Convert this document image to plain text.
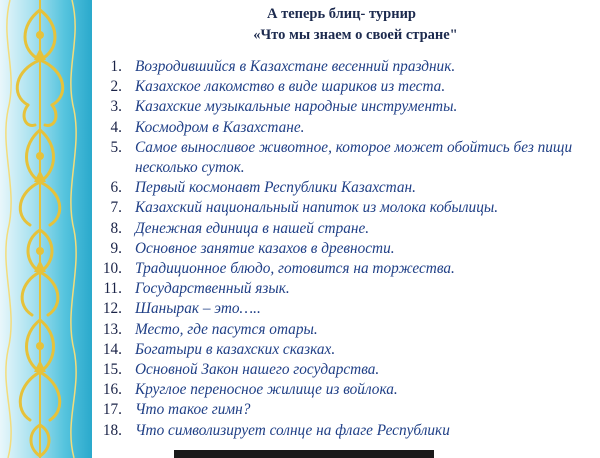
А теперь блиц- турнир
«Что мы знаем о своей стране"
1. Возродившийся в Казахстане весенний праздник.
2. Казахское лакомство в виде шариков из теста.
3. Казахские музыкальные народные инструменты.
4. Космодром в Казахстане.
5. Самое выносливое животное, которое может обойтись без пищи несколько суток.
6. Первый космонавт Республики Казахстан.
7. Казахский национальный напиток из молока кобылицы.
8. Денежная единица в нашей стране.
9. Основное занятие казахов в древности.
10. Традиционное блюдо, готовится на торжества.
11. Государственный язык.
12. Шанырак – это…..
13. Место, где пасутся отары.
14. Богатыри в казахских сказках.
15. Основной Закон нашего государства.
16. Круглое переносное жилище из войлока.
17. Что такое гимн?
18. Что символизирует солнце на флаге Республики
